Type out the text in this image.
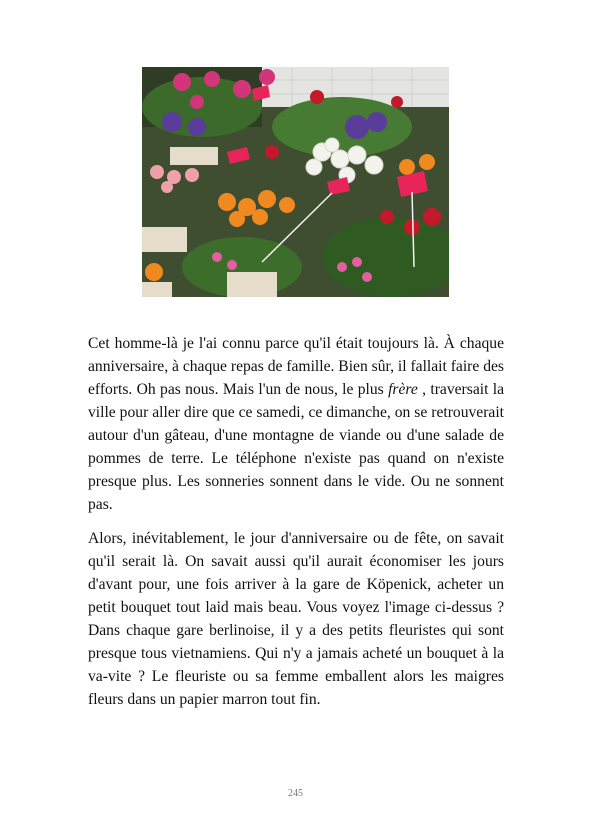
Cet homme-là je l'ai connu parce qu'il était toujours là. À chaque anniversaire, à chaque repas de famille. Bien sûr, il fallait faire des efforts. Oh pas nous. Mais l'un de nous, le plus frère , traversait la ville pour aller dire que ce samedi, ce dimanche, on se retrouverait autour d'un gâteau, d'une montagne de viande ou d'une salade de pommes de terre. Le téléphone n'existe pas quand on n'existe presque plus. Les sonneries sonnent dans le vide. Ou ne sonnent pas.

Alors, inévitablement, le jour d'anniversaire ou de fête, on savait qu'il serait là. On savait aussi qu'il aurait économiser les jours d'avant pour, une fois arriver à la gare de Köpenick, acheter un petit bouquet tout laid mais beau. Vous voyez l'image ci-dessus ? Dans chaque gare berlinoise, il y a des petits fleuristes qui sont presque tous vietnamiens. Qui n'y a jamais acheté un bouquet à la va-vite ? Le fleuriste ou sa femme emballent alors les maigres fleurs dans un papier marron tout fin.

245
